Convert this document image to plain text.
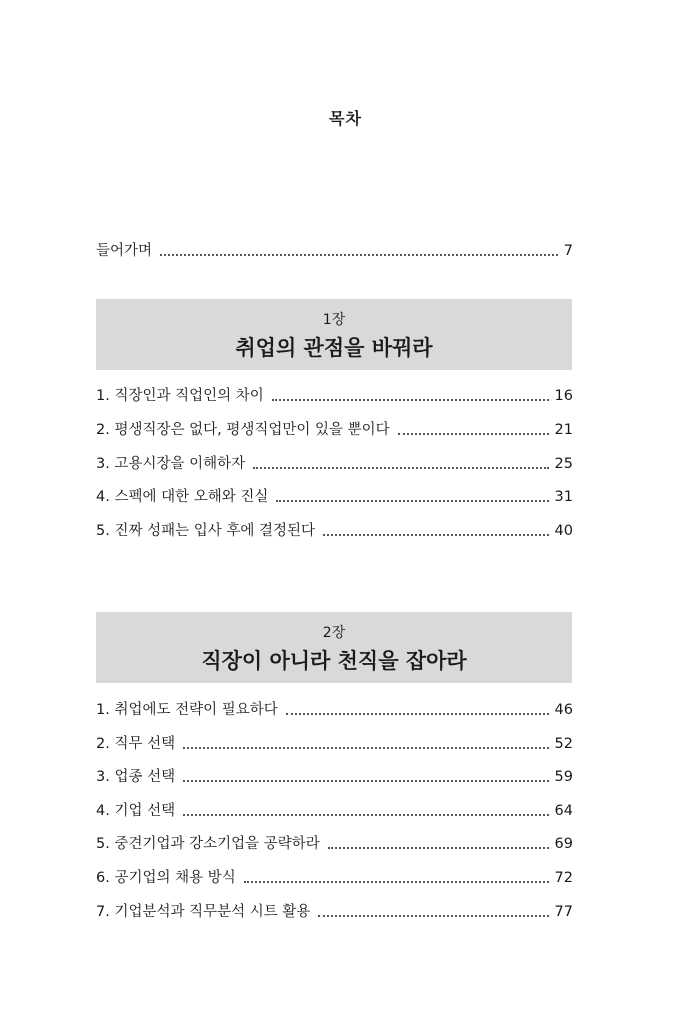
목차
들어가며	7
1장
취업의 관점을 바꿔라
1. 직장인과 직업인의 차이	16
2. 평생직장은 없다, 평생직업만이 있을 뿐이다	21
3. 고용시장을 이해하자	25
4. 스펙에 대한 오해와 진실	31
5. 진짜 성패는 입사 후에 결정된다	40
2장
직장이 아니라 천직을 잡아라
1. 취업에도 전략이 필요하다	46
2. 직무 선택	52
3. 업종 선택	59
4. 기업 선택	64
5. 중견기업과 강소기업을 공략하라	69
6. 공기업의 채용 방식	72
7. 기업분석과 직무분석 시트 활용	77
